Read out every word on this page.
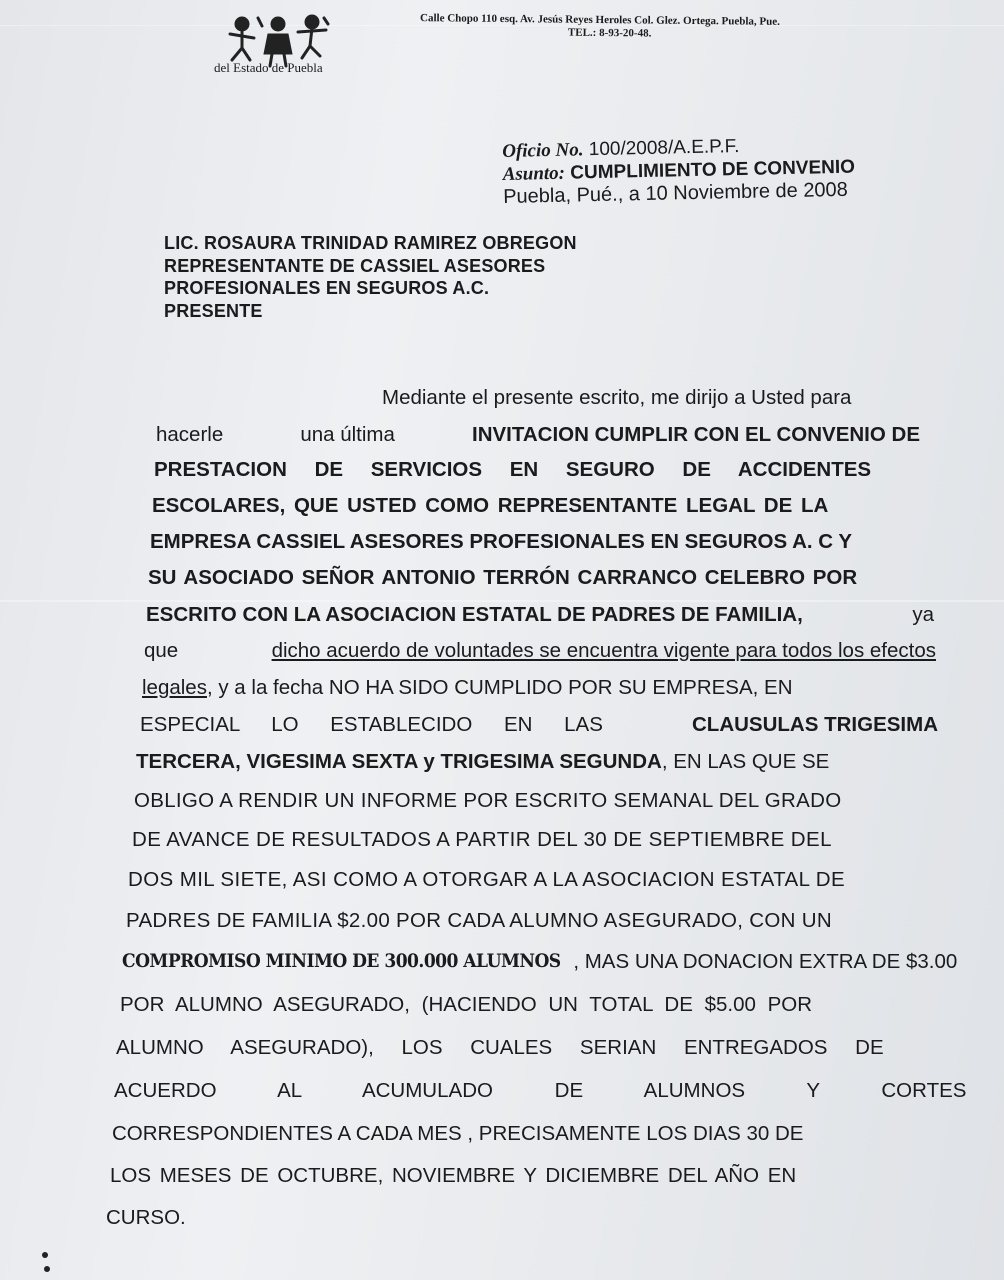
del Estado de Puebla
Calle Chopo 110 esq. Av. Jesús Reyes Heroles Col. Glez. Ortega. Puebla, Pue.
TEL.: 8-93-20-48.
Oficio No. 100/2008/A.E.P.F.
Asunto: CUMPLIMIENTO DE CONVENIO
Puebla, Pué., a 10 Noviembre de 2008
LIC. ROSAURA TRINIDAD RAMIREZ OBREGON
REPRESENTANTE DE CASSIEL ASESORES
PROFESIONALES EN SEGUROS A.C.
PRESENTE
Mediante el presente escrito, me dirijo a Usted para
hacerle	una última	INVITACION CUMPLIR CON EL CONVENIO DE
PRESTACION DE SERVICIOS EN SEGURO DE ACCIDENTES
ESCOLARES, QUE USTED COMO REPRESENTANTE LEGAL DE LA
EMPRESA CASSIEL ASESORES PROFESIONALES EN SEGUROS A. C Y
SU ASOCIADO SEÑOR ANTONIO TERRÓN CARRANCO CELEBRO POR
ESCRITO CON LA ASOCIACION ESTATAL DE PADRES DE FAMILIA,	ya
que	dicho acuerdo de voluntades se encuentra vigente para todos los efectos
legales , y a la fecha NO HA SIDO CUMPLIDO POR SU EMPRESA, EN
ESPECIAL LO ESTABLECIDO EN LAS	CLAUSULAS TRIGESIMA
TERCERA, VIGESIMA SEXTA y TRIGESIMA SEGUNDA , EN LAS QUE SE
OBLIGO A RENDIR UN INFORME POR ESCRITO SEMANAL DEL GRADO
DE AVANCE DE RESULTADOS A PARTIR DEL 30 DE SEPTIEMBRE DEL
DOS MIL SIETE, ASI COMO A OTORGAR A LA ASOCIACION ESTATAL DE
PADRES DE FAMILIA $2.00 POR CADA ALUMNO ASEGURADO, CON UN
COMPROMISO MINIMO DE 300.000 ALUMNOS , MAS UNA DONACION EXTRA DE $3.00
POR ALUMNO ASEGURADO, (HACIENDO UN TOTAL DE $5.00 POR
ALUMNO ASEGURADO), LOS CUALES SERIAN ENTREGADOS DE
ACUERDO AL ACUMULADO DE ALUMNOS Y CORTES
CORRESPONDIENTES A CADA MES , PRECISAMENTE LOS DIAS 30 DE
LOS MESES DE OCTUBRE, NOVIEMBRE Y DICIEMBRE DEL AÑO EN
CURSO.
